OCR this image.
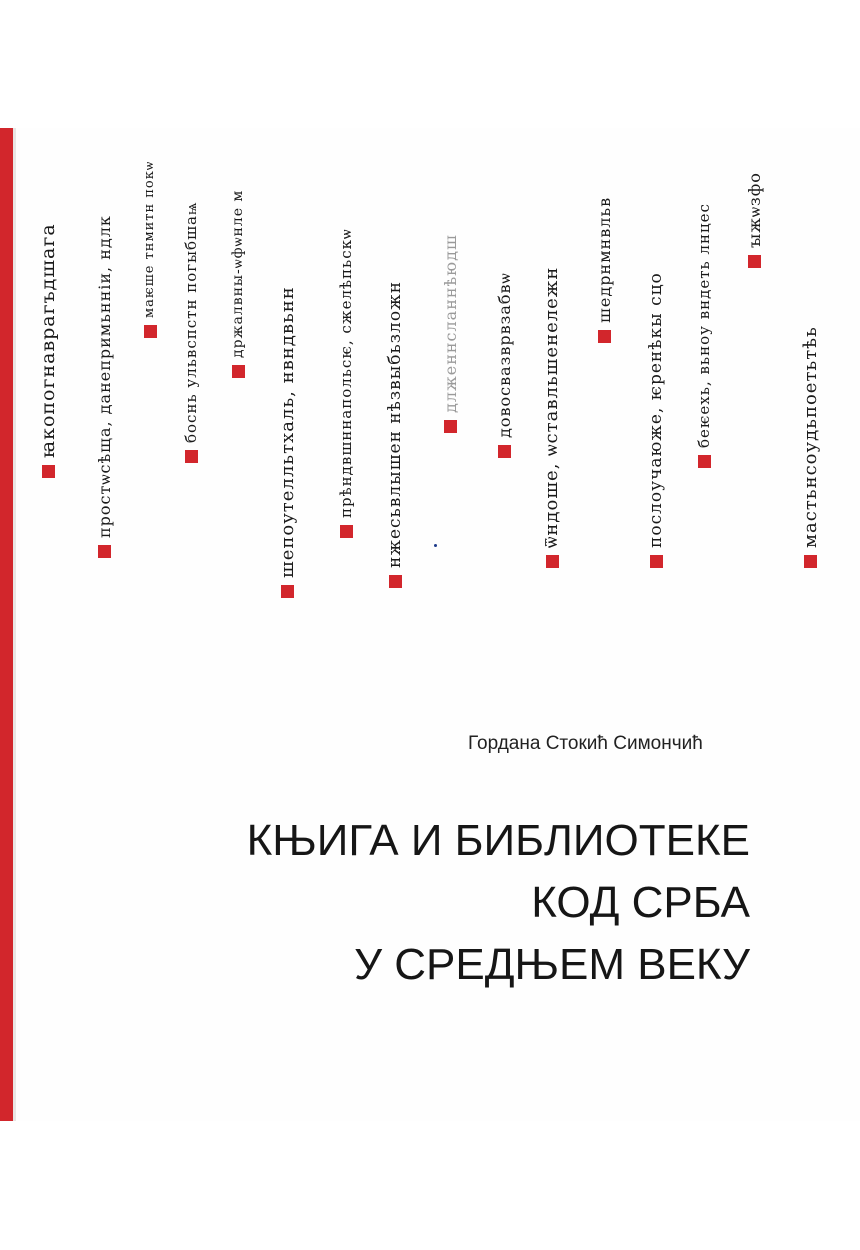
ꙗкопогнаврагъдшага простѡсѣща, данепримьнніи, ндлк маѥше тнмитн покѡ боснь ульвспстн погыбшаѩ држалвны-ѡфѡнле м
шепоутелльтхаль, нвндвьнн	прѣндвшннапольсѥ, сжелѣпьскѡ нжесьвлышен нѣзвыбьзложн длженнсланнѣюдш довосвазврвзабвѡ ѿндоше, ѡставльшенележн
шедрнмнвльв
послоучаюже, ѥренѣкы сцо беѥехь, вьноу вндеть лнцес ꙑжѡзфо
мастьнсоудьпоетьтѣь
Гордана Стокић Симончић
КЊИГА И БИБЛИОТЕКЕ
КОД СРБА
У СРЕДЊЕМ ВЕКУ
